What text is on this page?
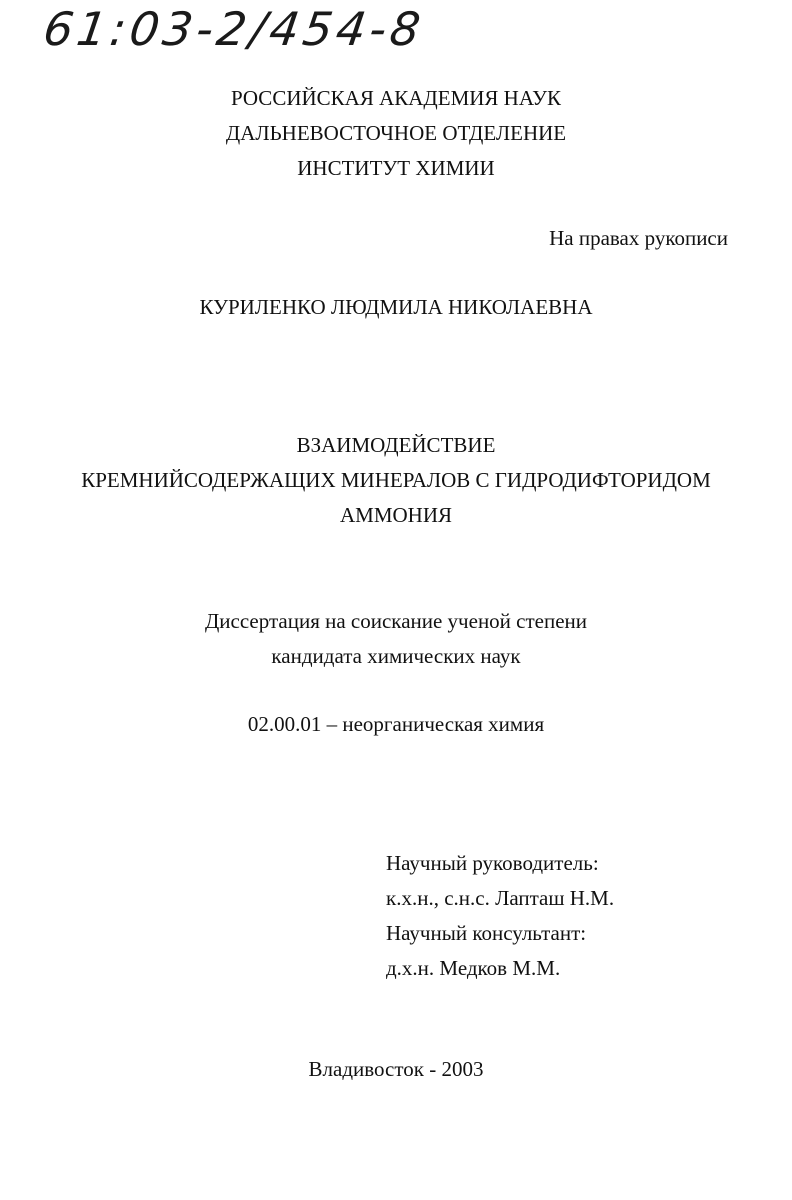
61:03-2/454-8
РОССИЙСКАЯ АКАДЕМИЯ НАУК
ДАЛЬНЕВОСТОЧНОЕ ОТДЕЛЕНИЕ
ИНСТИТУТ ХИМИИ
На правах рукописи
КУРИЛЕНКО ЛЮДМИЛА НИКОЛАЕВНА
ВЗАИМОДЕЙСТВИЕ
КРЕМНИЙСОДЕРЖАЩИХ МИНЕРАЛОВ С ГИДРОДИФТОРИДОМ
АММОНИЯ
Диссертация на соискание ученой степени
кандидата химических наук
02.00.01 – неорганическая химия
Научный руководитель:
к.х.н., с.н.с. Лапташ Н.М.
Научный консультант:
д.х.н. Медков М.М.
Владивосток - 2003
